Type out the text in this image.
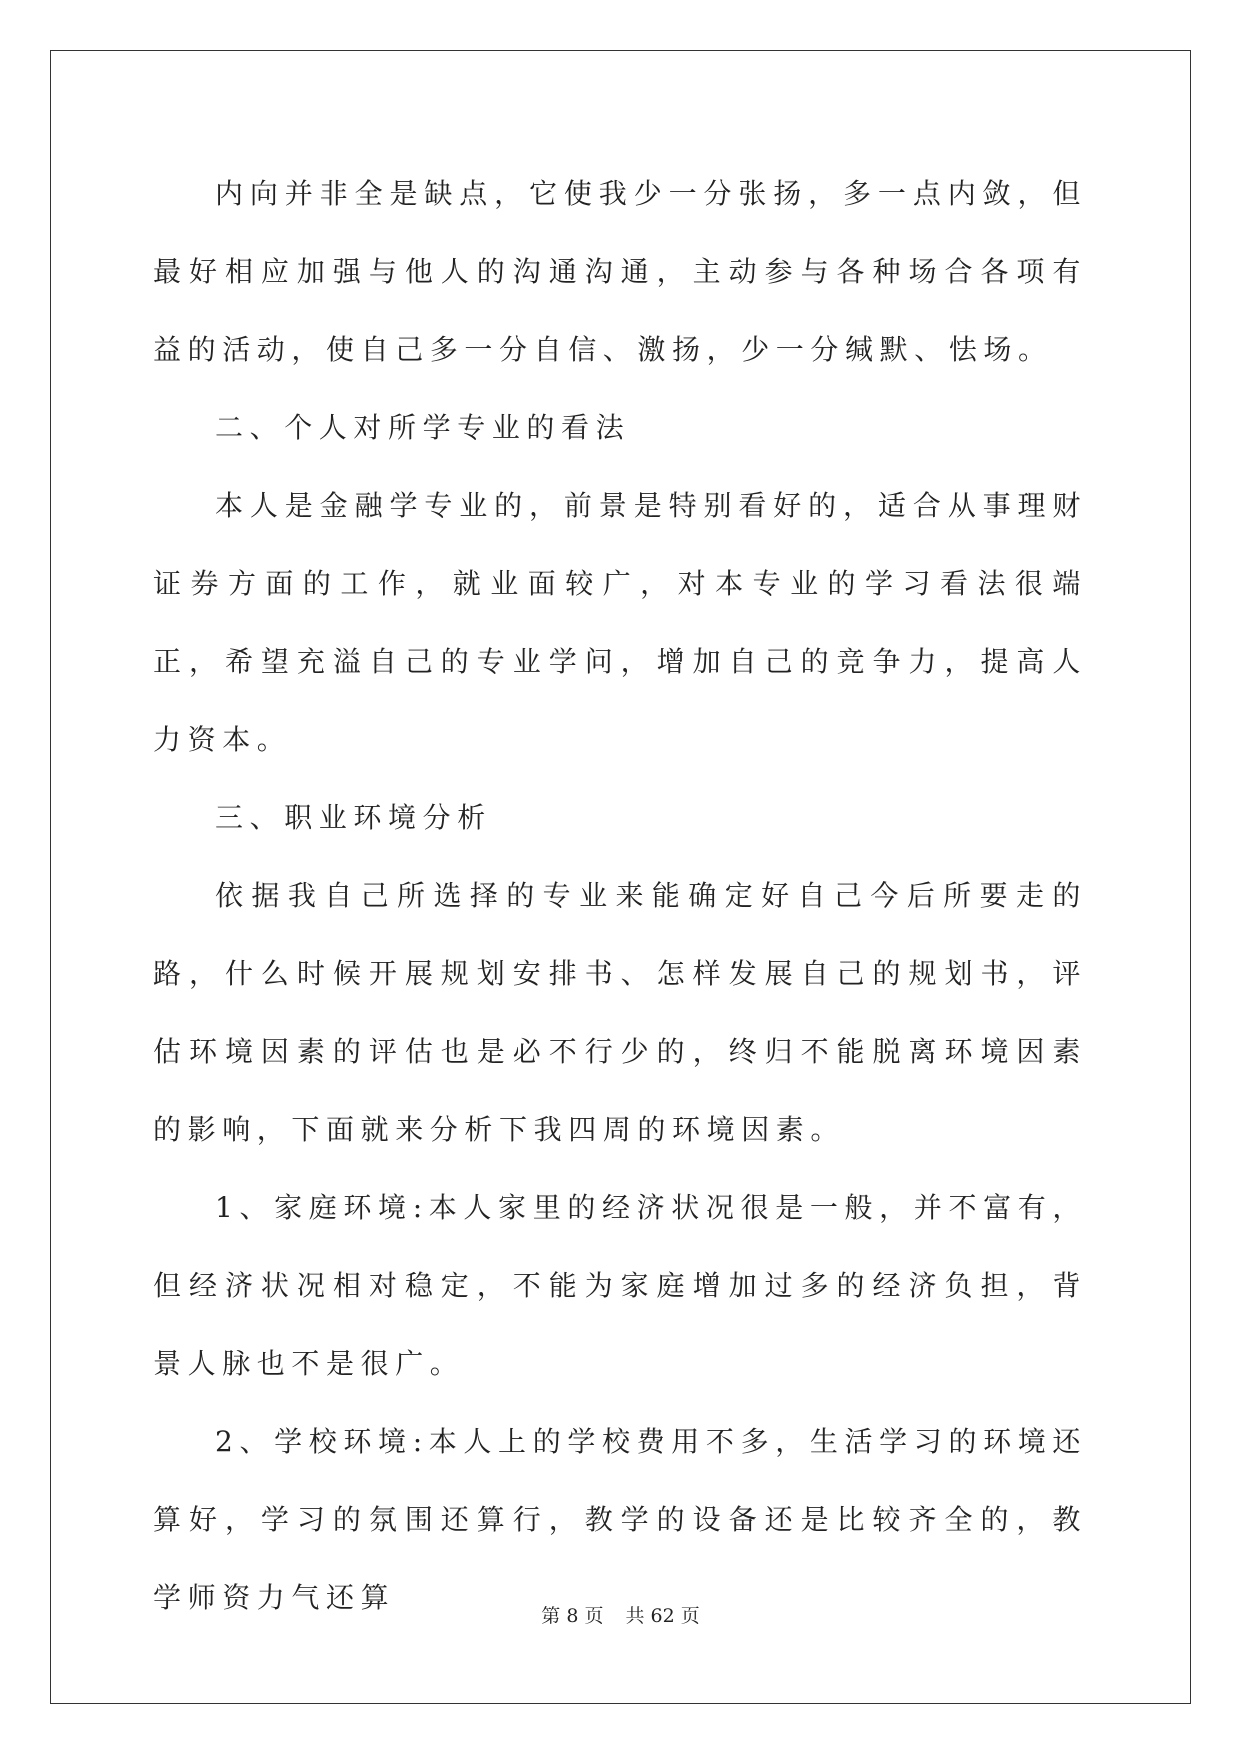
内向并非全是缺点，它使我少一分张扬，多一点内敛，但最好相应加强与他人的沟通沟通，主动参与各种场合各项有益的活动，使自己多一分自信、激扬，少一分缄默、怯场。

二、个人对所学专业的看法

本人是金融学专业的，前景是特别看好的，适合从事理财证券方面的工作，就业面较广，对本专业的学习看法很端正，希望充溢自己的专业学问，增加自己的竞争力，提高人力资本。

三、职业环境分析

依据我自己所选择的专业来能确定好自己今后所要走的路，什么时候开展规划安排书、怎样发展自己的规划书，评估环境因素的评估也是必不行少的，终归不能脱离环境因素的影响，下面就来分析下我四周的环境因素。

1、家庭环境:本人家里的经济状况很是一般，并不富有，但经济状况相对稳定，不能为家庭增加过多的经济负担，背景人脉也不是很广。

2、学校环境:本人上的学校费用不多，生活学习的环境还算好，学习的氛围还算行，教学的设备还是比较齐全的，教学师资力气还算

第 8 页 共 62 页
